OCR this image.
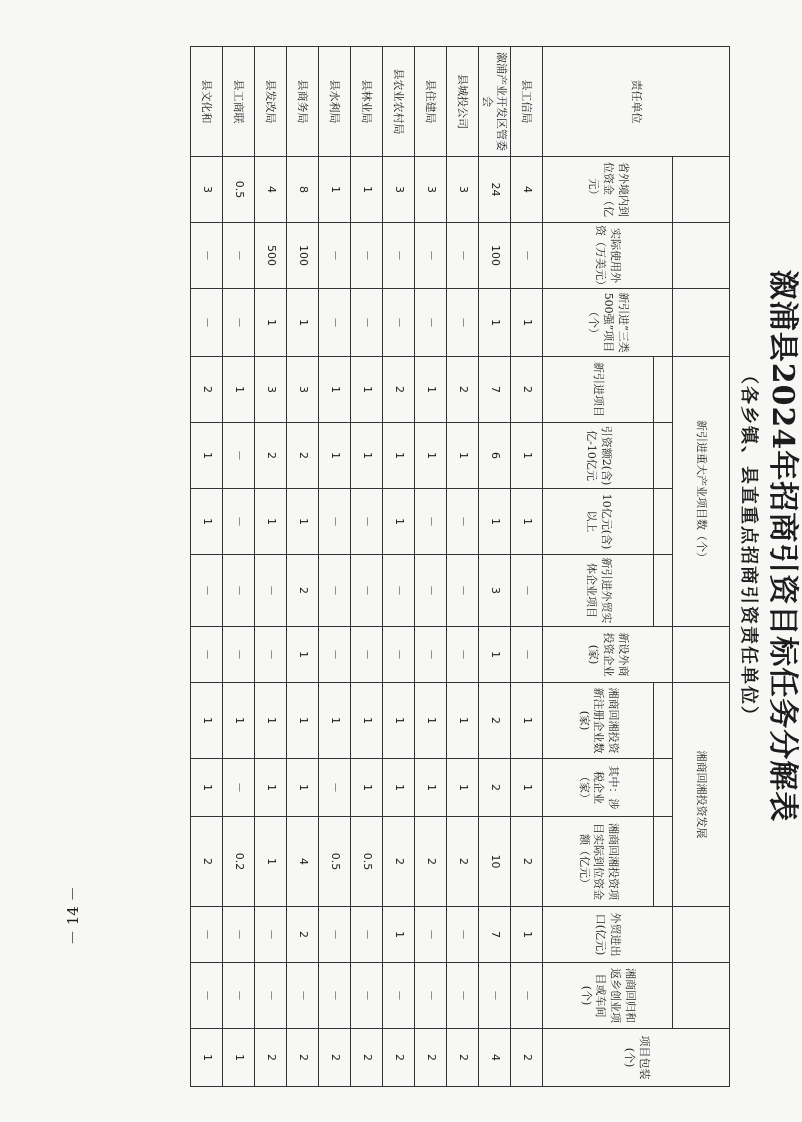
－ 14 －
溆浦县2024年招商引资目标任务分解表
（各乡镇、县直重点招商引资责任单位）
责任单位				新引进重大产业项目数（个）					湘商回湘投资发展					项目包装(个)
	省外境内到位资金（亿元）	实际使用外资（万美元）	新引进“三类500强”项目（个）					新设外商投资企业(家)				外贸进出口(亿元)	湘商回归和返乡创业项目或车间(个)	
				新引进项目	引资额2(含)亿-10亿元	10亿元(含)以上	新引进外贸实体企业项目		湘商回湘投资新注册企业数(家)	其中：涉税企业（家）	湘商回湘投资项目实际到位资金额（亿元）			
县工信局	4	－	1	2	1	1	－	－	1	1	2	1	－	2
溆浦产业开发区管委会	24	100	1	7	6	1	3	1	2	2	10	7	－	4
县城投公司	3	－	－	2	1	－	－	－	1	1	2	－	－	2
县住建局	3	－	－	1	1	－	－	－	1	1	2	－	－	2
县农业农村局	3	－	－	2	1	1	－	－	1	1	2	1	－	2
县林业局	1	－	－	1	1	－	－	－	1	1	0.5	－	－	2
县水利局	1	－	－	1	1	－	－	－	1	－	0.5	－	－	2
县商务局	8	100	1	3	2	1	2	1	1	1	4	2	－	2
县发改局	4	500	1	3	2	1	－	－	1	1	1	－	－	2
县工商联	0.5	－	－	1	－	－	－	－	1	－	0.2	－	－	1
县文化和	3	－	－	2	1	1	－	－	1	1	2	－	－	1
